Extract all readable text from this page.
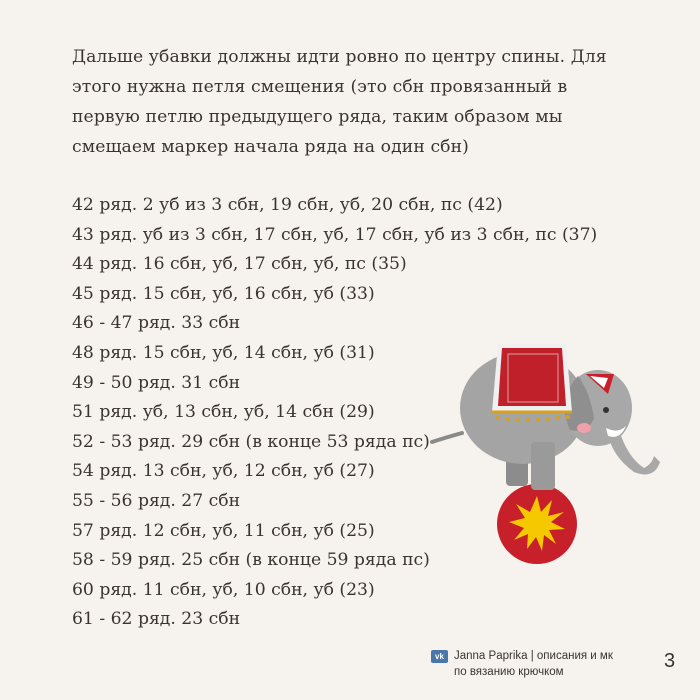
Дальше убавки должны идти ровно по центру спины. Для этого нужна петля смещения (это сбн провязанный в первую петлю предыдущего ряда, таким образом мы смещаем маркер начала ряда на один сбн)

42 ряд. 2 уб из 3 сбн, 19 сбн, уб, 20 сбн, пс (42)
43 ряд. уб из 3 сбн, 17 сбн, уб, 17 сбн, уб из 3 сбн, пс (37)
44 ряд. 16 сбн, уб, 17 сбн, уб, пс (35)
45 ряд. 15 сбн, уб, 16 сбн, уб (33)
46 - 47 ряд. 33 сбн
48 ряд. 15 сбн, уб, 14 сбн, уб (31)
49 - 50 ряд. 31 сбн
51 ряд. уб, 13 сбн, уб, 14 сбн (29)
52 - 53 ряд. 29 сбн (в конце 53 ряда пс)
54 ряд. 13 сбн, уб, 12 сбн, уб (27)
55 - 56 ряд. 27 сбн
57 ряд. 12 сбн, уб, 11 сбн, уб (25)
58 - 59 ряд. 25 сбн (в конце 59 ряда пс)
60 ряд. 11 сбн, уб, 10 сбн, уб (23)
61 - 62 ряд. 23 сбн
vk Janna Paprika | описания и мк
по вязанию крючком	3
